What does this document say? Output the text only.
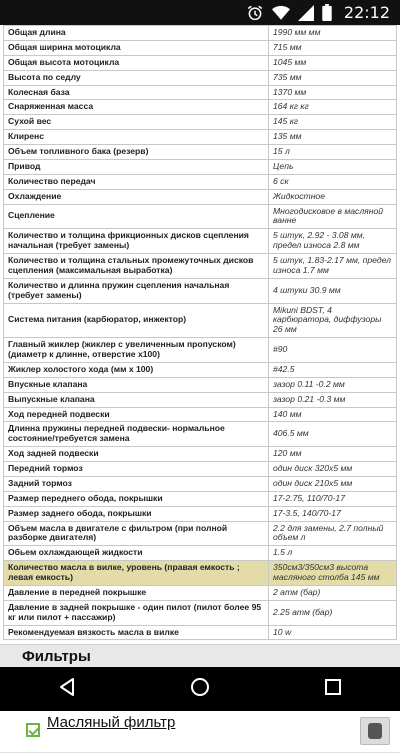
22:12
Общая длина	1990 мм мм
Общая ширина мотоцикла	715 мм
Общая высота мотоцикла	1045 мм
Высота по седлу	735 мм
Колесная база	1370 мм
Снаряженная масса	164 кг кг
Сухой вес	145 кг
Клиренс	135 мм
Объем топливного бака (резерв)	15 л
Привод	Цепь
Количество передач	6 ск
Охлаждение	Жидкостное
Сцепление	Многодисковое в масляной ванне
Количество и толщина фрикционных дисков сцепления начальная (требует замены)	5 штук, 2.92 - 3.08 мм, предел износа 2.8 мм
Количество и толщина стальных промежуточных дисков сцепления (максимальная выработка)	5 штук, 1.83-2.17 мм, предел износа 1.7 мм
Количество и длинна пружин сцепления начальная (требует замены)	4 штуки 30.9 мм
Система питания (карбюратор, инжектор)	Mikuni BDST, 4 карбюратора, диффузоры 26 мм
Главный жиклер (жиклер с увеличенным пропуском) (диаметр к длинне, отверстие х100)	#90
Жиклер холостого хода (мм х 100)	#42.5
Впускные клапана	зазор 0.11 -0.2 мм
Выпускные клапана	зазор 0.21 -0.3 мм
Ход передней подвески	140 мм
Длинна пружины передней подвески- нормальное состояние/требуется замена	406.5 мм
Ход задней подвески	120 мм
Передний тормоз	один диск 320x5 мм
Задний тормоз	один диск 210x5 мм
Размер переднего обода, покрышки	17-2.75, 110/70-17
Размер заднего обода, покрышки	17-3.5, 140/70-17
Объем масла в двигателе с фильтром (при полной разборке двигателя)	2.2 для замены, 2.7 полный объем л
Обьем охлаждающей жидкости	1.5 л
Количество масла в вилке, уровень (правая емкость ; левая емкость)	350см3/350см3 высота масляного столба 145 мм
Давление в передней покрышке	2 атм (бар)
Давление в задней покрышке - один пилот (пилот более 95 кг или пилот + пассажир)	2.25 атм (бар)
Рекомендуемая вязкость масла в вилке	10 w
Фильтры
Масляный фильтр
